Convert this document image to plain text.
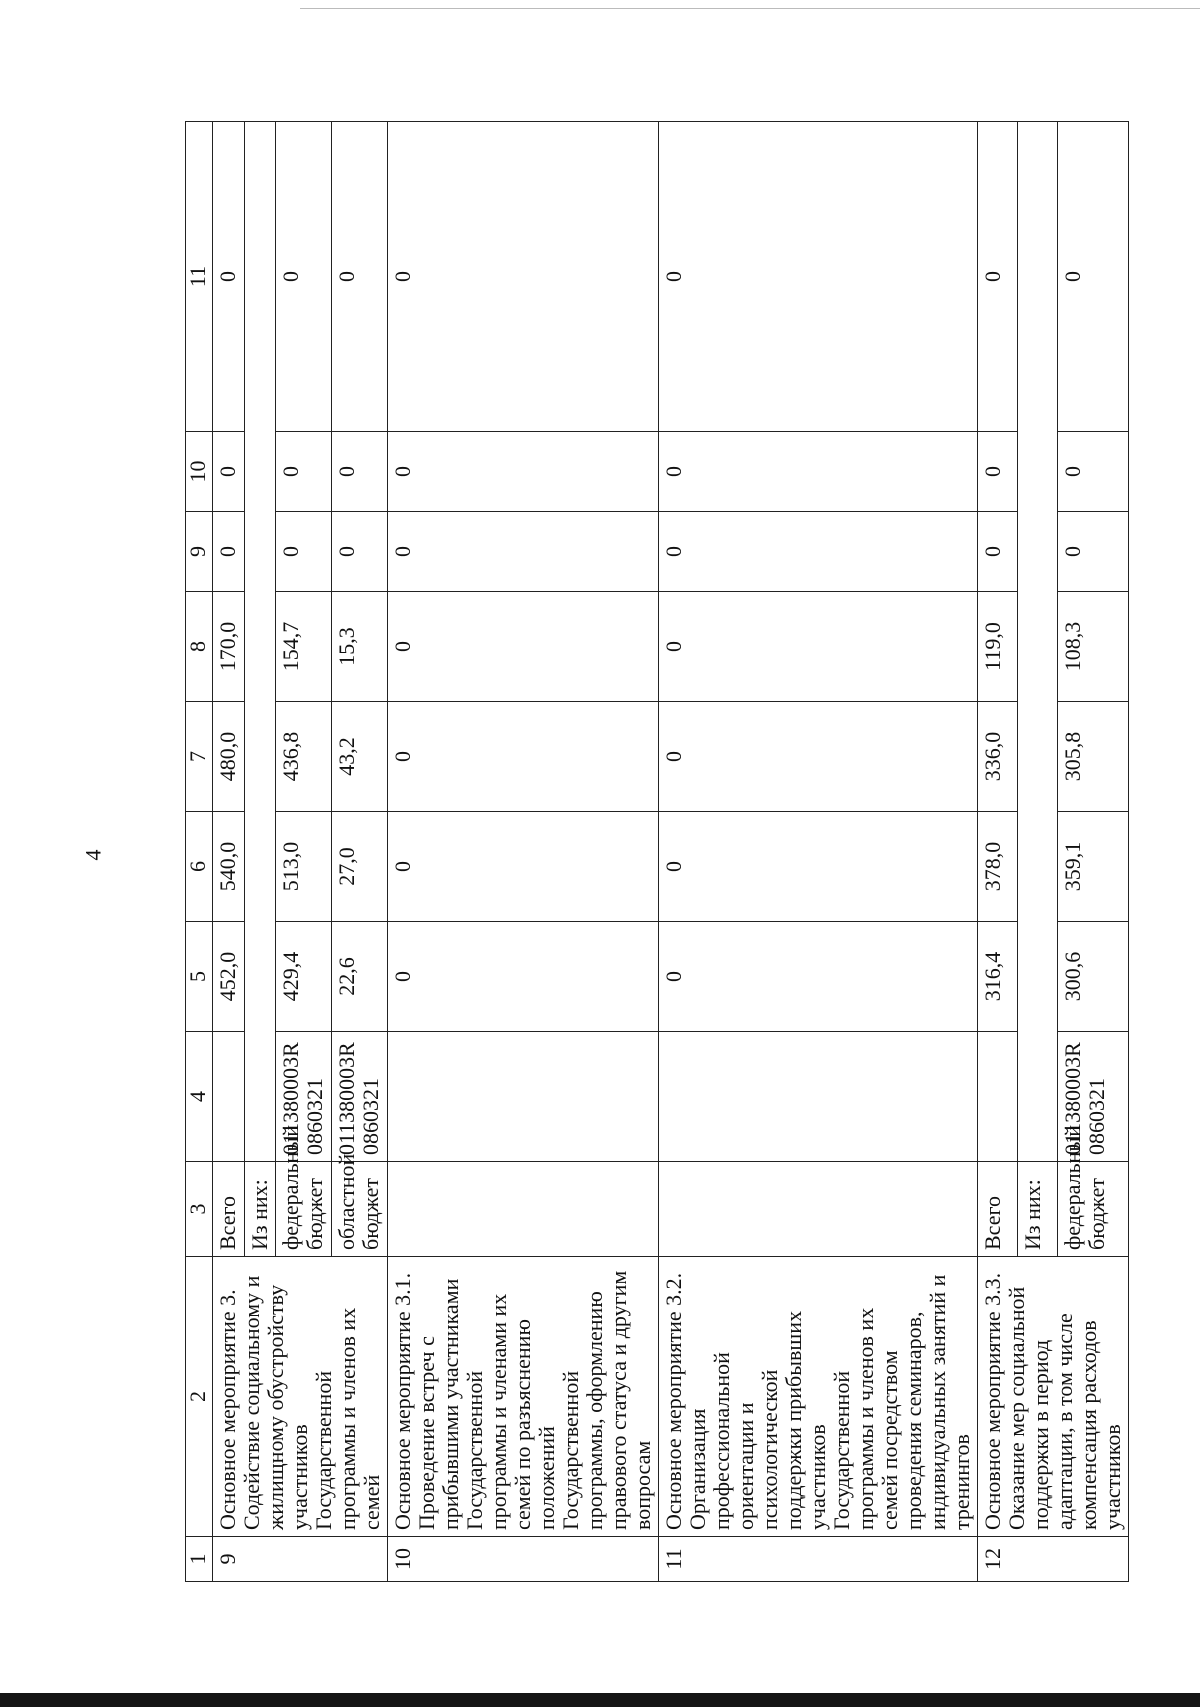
4
1	2	3	4	5	6	7	8	9	10	11
9	Основное мероприятие 3. Содействие социальному и жилищному обустройству участников Государственной программы и членов их семей	Всего		452,0	540,0	480,0	170,0	0	0	0
		Из них:								
		федеральный бюджет	011380003R 0860321	429,4	513,0	436,8	154,7	0	0	0
		областной бюджет	011380003R 0860321	22,6	27,0	43,2	15,3	0	0	0
10	Основное мероприятие 3.1. Проведение встреч с прибывшими участниками Государственной программы и членами их семей по разъяснению положений Государственной программы, оформлению правового статуса и другим вопросам			0	0	0	0	0	0	0
11	Основное мероприятие 3.2. Организация профессиональной ориентации и психологической поддержки прибывших участников Государственной программы и членов их семей посредством проведения семинаров, индивидуальных занятий и тренингов			0	0	0	0	0	0	0
12	Основное мероприятие 3.3. Оказание мер социальной поддержки в период адаптации, в том числе компенсация расходов участников	Всего		316,4	378,0	336,0	119,0	0	0	0
		Из них:								
		федеральный бюджет	011380003R 0860321	300,6	359,1	305,8	108,3	0	0	0
